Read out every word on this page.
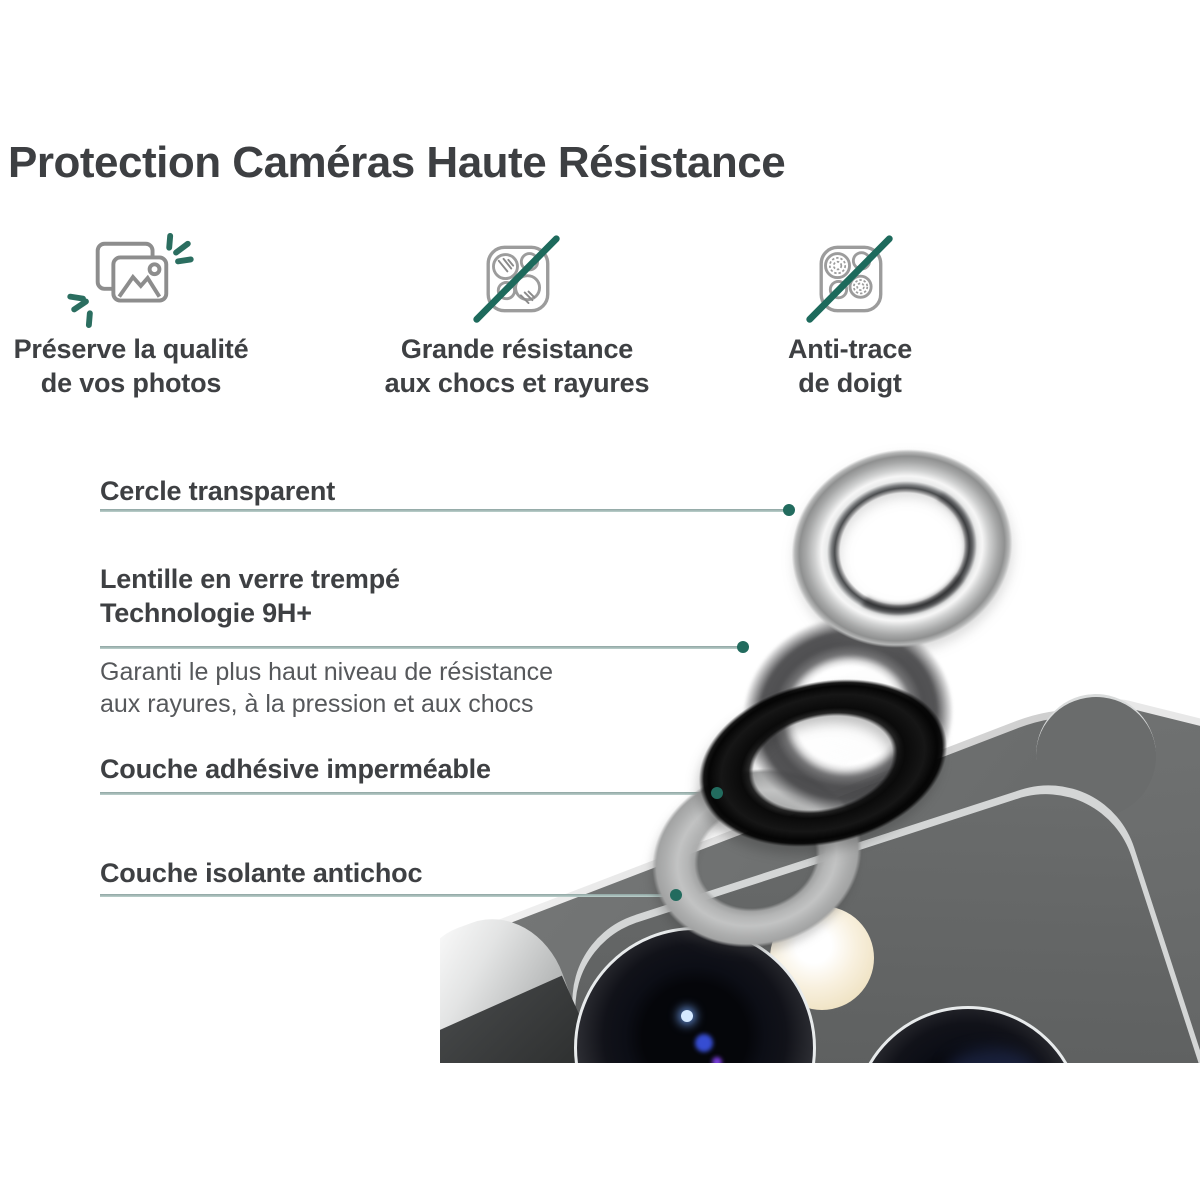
Protection Caméras Haute Résistance
Préserve la qualité
de vos photos
Grande résistance
aux chocs et rayures
Anti-trace
de doigt
Cercle transparent
Lentille en verre trempé
Technologie 9H+
Garanti le plus haut niveau de résistance
aux rayures, à la pression et aux chocs
Couche adhésive imperméable
Couche isolante antichoc
